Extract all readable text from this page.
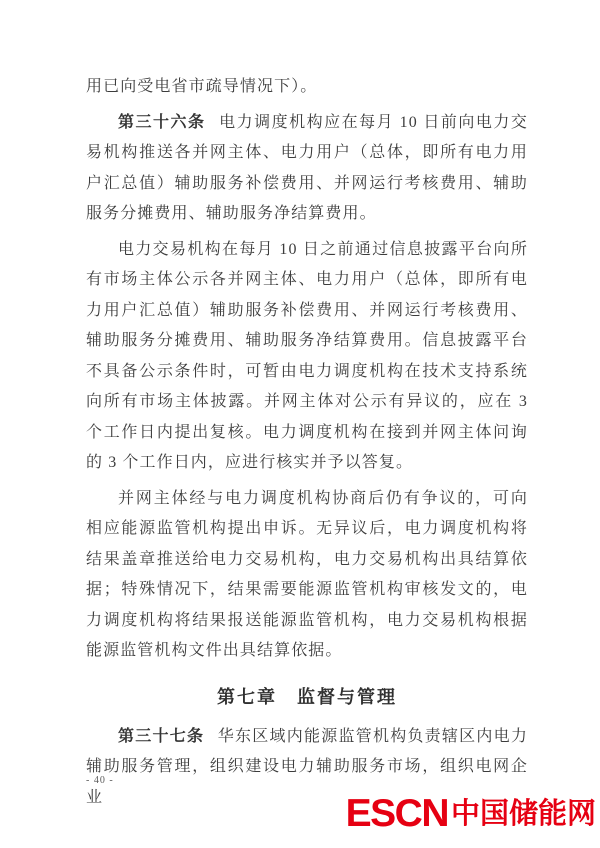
用已向受电省市疏导情况下）。

第三十六条 电力调度机构应在每月 10 日前向电力交易机构推送各并网主体、电力用户（总体，即所有电力用户汇总值）辅助服务补偿费用、并网运行考核费用、辅助服务分摊费用、辅助服务净结算费用。

电力交易机构在每月 10 日之前通过信息披露平台向所有市场主体公示各并网主体、电力用户（总体，即所有电力用户汇总值）辅助服务补偿费用、并网运行考核费用、辅助服务分摊费用、辅助服务净结算费用。信息披露平台不具备公示条件时，可暂由电力调度机构在技术支持系统向所有市场主体披露。并网主体对公示有异议的，应在 3 个工作日内提出复核。电力调度机构在接到并网主体问询的 3 个工作日内，应进行核实并予以答复。

并网主体经与电力调度机构协商后仍有争议的，可向相应能源监管机构提出申诉。无异议后，电力调度机构将结果盖章推送给电力交易机构，电力交易机构出具结算依据；特殊情况下，结果需要能源监管机构审核发文的，电力调度机构将结果报送能源监管机构，电力交易机构根据能源监管机构文件出具结算依据。

第七章　监督与管理

第三十七条 华东区域内能源监管机构负责辖区内电力辅助服务管理，组织建设电力辅助服务市场，组织电网企业

- 40 -
ESCN 中国储能网
